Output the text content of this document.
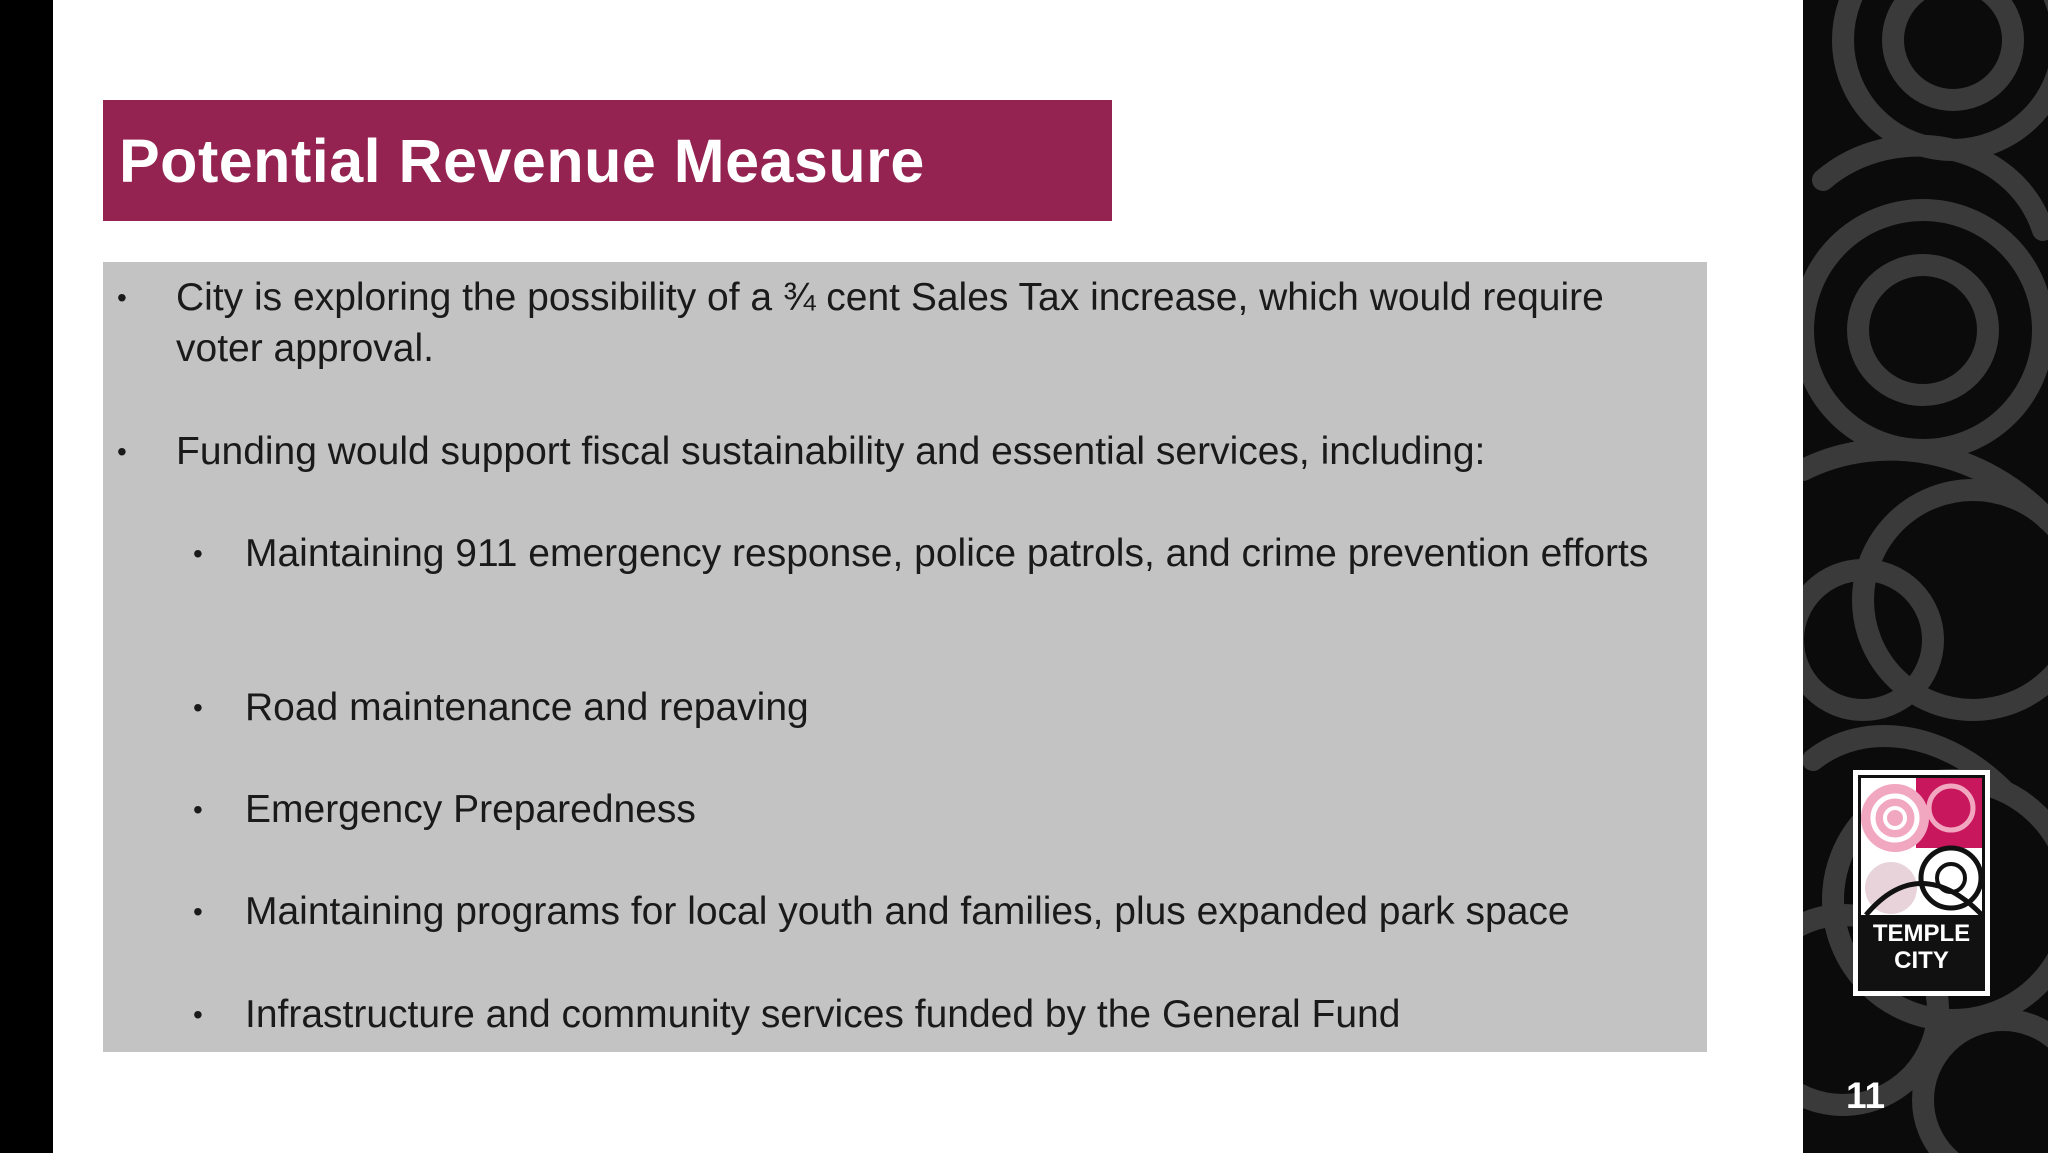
Potential Revenue Measure
•	City is exploring the possibility of a ¾ cent Sales Tax increase, which would require voter approval.
•	Funding would support fiscal sustainability and essential services, including:
•	Maintaining 911 emergency response, police patrols, and crime prevention efforts
•	Road maintenance and repaving
•	Emergency Preparedness
•	Maintaining programs for local youth and families, plus expanded park space
•	Infrastructure and community services funded by the General Fund
TEMPLE
CITY
11
